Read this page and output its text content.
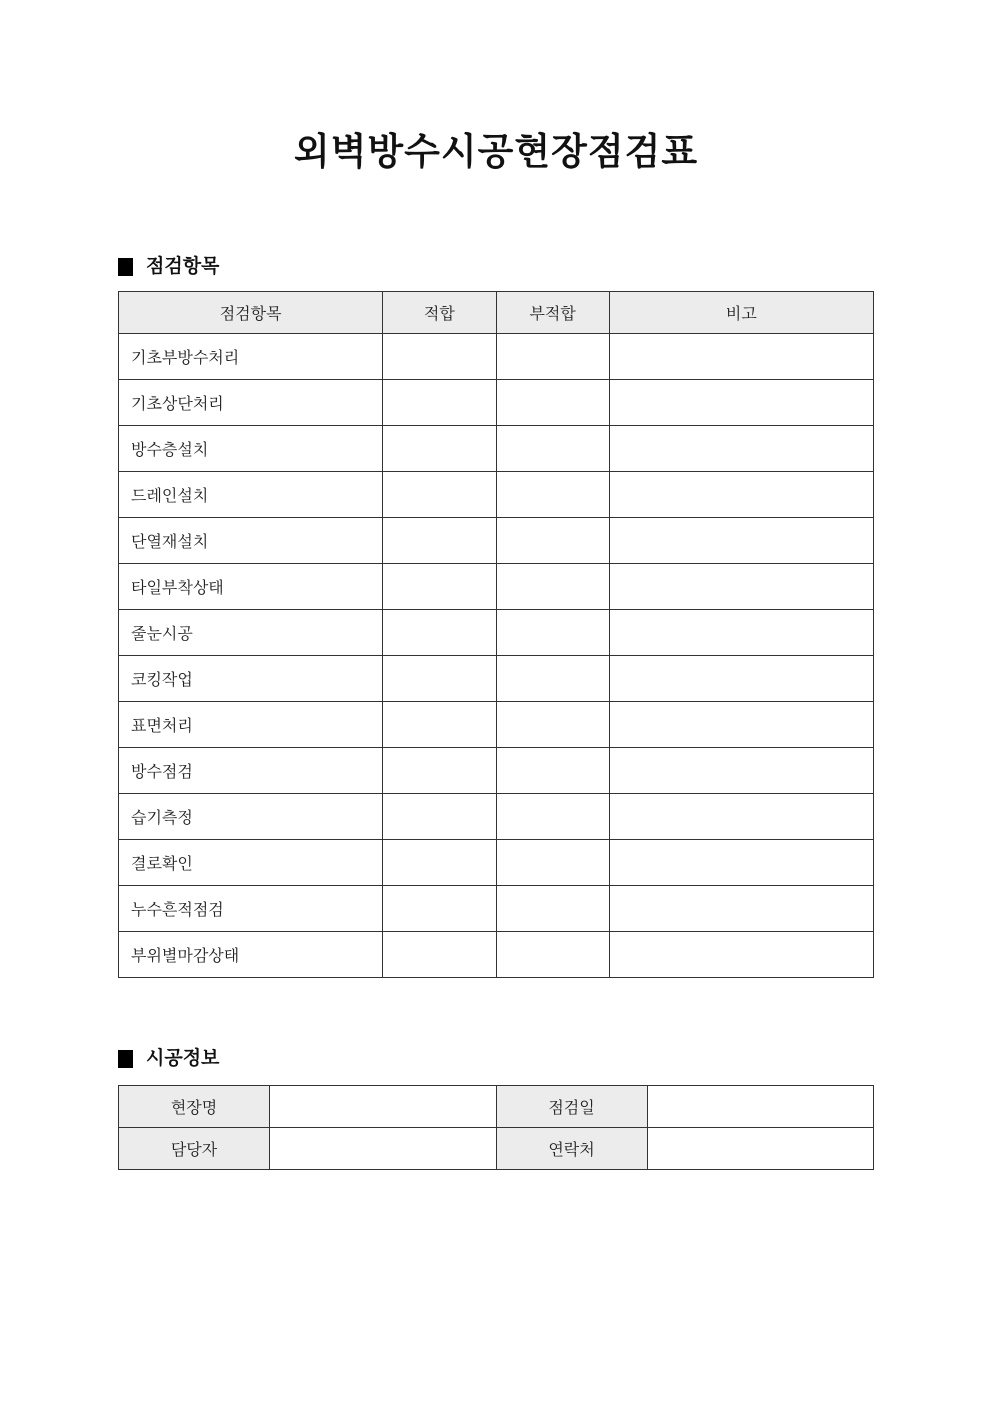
외벽방수시공현장점검표
점검항목
점검항목	적합	부적합	비고
기초부방수처리			
기초상단처리			
방수층설치			
드레인설치			
단열재설치			
타일부착상태			
줄눈시공			
코킹작업			
표면처리			
방수점검			
습기측정			
결로확인			
누수흔적점검			
부위별마감상태			
시공정보
현장명		점검일	
담당자		연락처	
